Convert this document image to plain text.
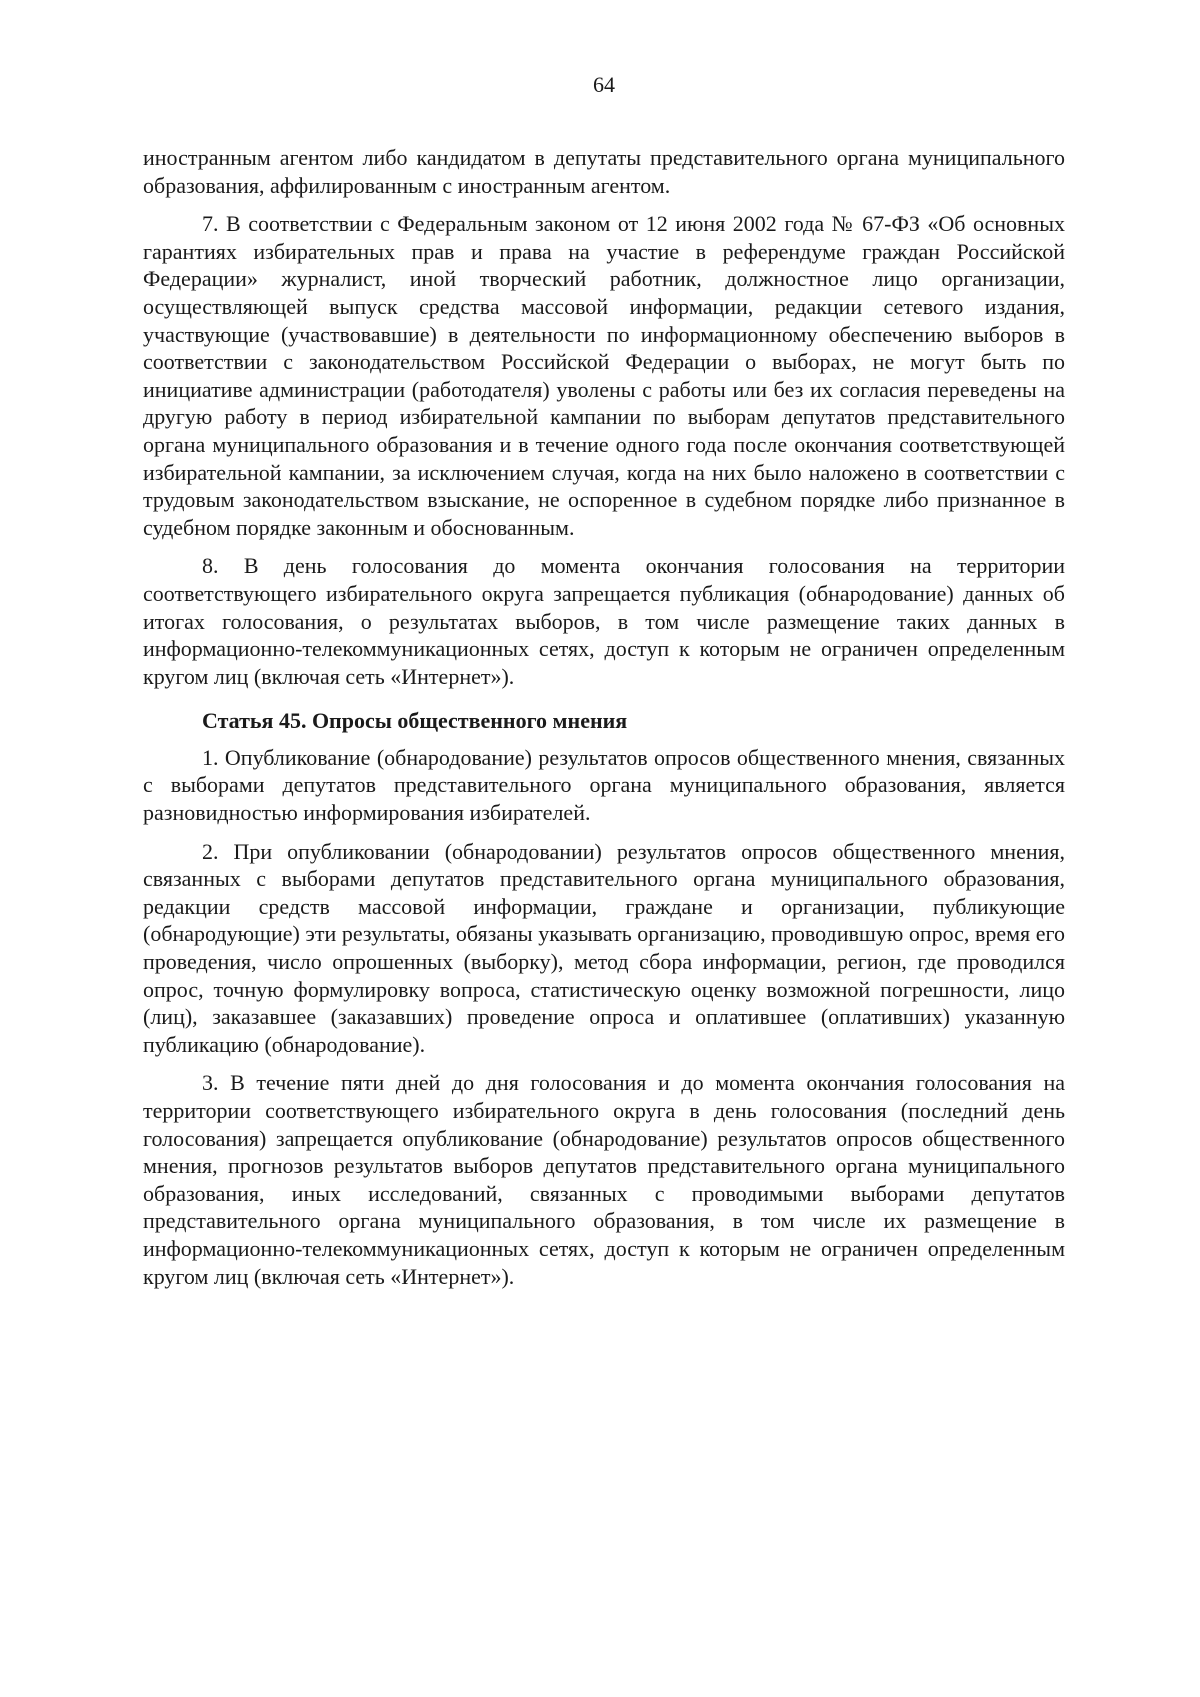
64

иностранным агентом либо кандидатом в депутаты представительного органа муниципального образования, аффилированным с иностранным агентом.

7. В соответствии с Федеральным законом от 12 июня 2002 года № 67-ФЗ «Об основных гарантиях избирательных прав и права на участие в референдуме граждан Российской Федерации» журналист, иной творческий работник, должностное лицо организации, осуществляющей выпуск средства массовой информации, редакции сетевого издания, участвующие (участвовавшие) в деятельности по информационному обеспечению выборов в соответствии с законодательством Российской Федерации о выборах, не могут быть по инициативе администрации (работодателя) уволены с работы или без их согласия переведены на другую работу в период избирательной кампании по выборам депутатов представительного органа муниципального образования и в течение одного года после окончания соответствующей избирательной кампании, за исключением случая, когда на них было наложено в соответствии с трудовым законодательством взыскание, не оспоренное в судебном порядке либо признанное в судебном порядке законным и обоснованным.

8. В день голосования до момента окончания голосования на территории соответствующего избирательного округа запрещается публикация (обнародование) данных об итогах голосования, о результатах выборов, в том числе размещение таких данных в информационно-телекоммуникационных сетях, доступ к которым не ограничен определенным кругом лиц (включая сеть «Интернет»).

Статья 45. Опросы общественного мнения

1. Опубликование (обнародование) результатов опросов общественного мнения, связанных с выборами депутатов представительного органа муниципального образования, является разновидностью информирования избирателей.

2. При опубликовании (обнародовании) результатов опросов общественного мнения, связанных с выборами депутатов представительного органа муниципального образования, редакции средств массовой информации, граждане и организации, публикующие (обнародующие) эти результаты, обязаны указывать организацию, проводившую опрос, время его проведения, число опрошенных (выборку), метод сбора информации, регион, где проводился опрос, точную формулировку вопроса, статистическую оценку возможной погрешности, лицо (лиц), заказавшее (заказавших) проведение опроса и оплатившее (оплативших) указанную публикацию (обнародование).

3. В течение пяти дней до дня голосования и до момента окончания голосования на территории соответствующего избирательного округа в день голосования (последний день голосования) запрещается опубликование (обнародование) результатов опросов общественного мнения, прогнозов результатов выборов депутатов представительного органа муниципального образования, иных исследований, связанных с проводимыми выборами депутатов представительного органа муниципального образования, в том числе их размещение в информационно-телекоммуникационных сетях, доступ к которым не ограничен определенным кругом лиц (включая сеть «Интернет»).
